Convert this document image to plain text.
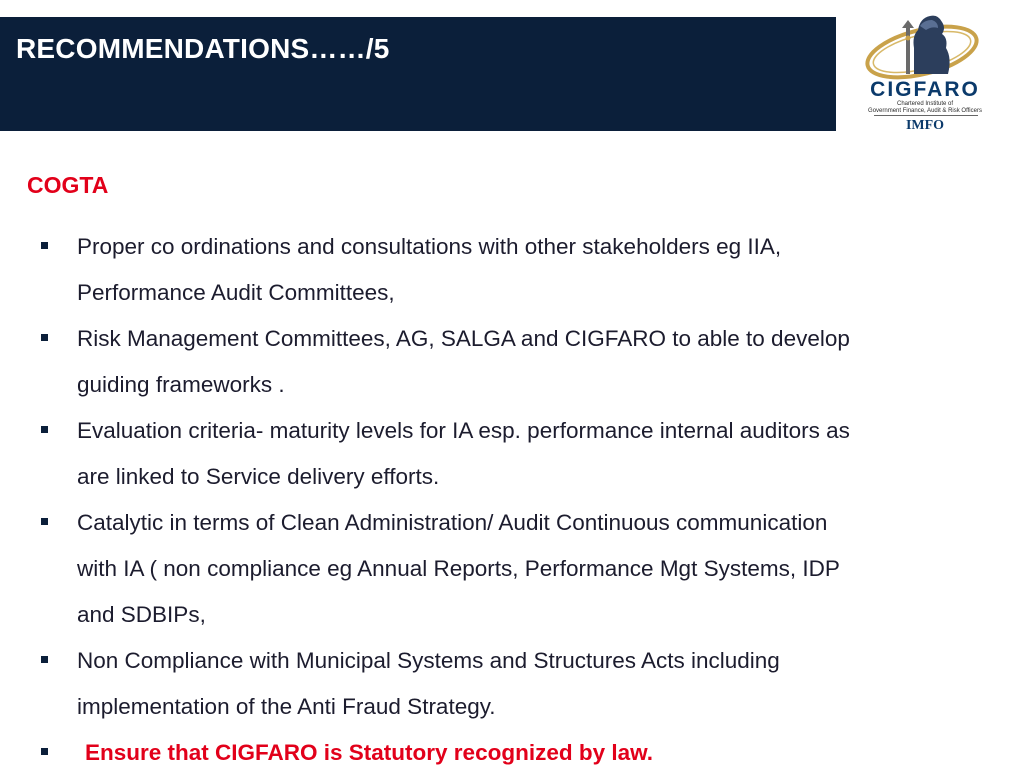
RECOMMENDATIONS……/5
CIGFARO
Chartered Institute of
Government Finance, Audit & Risk Officers
IMFO
COGTA
Proper co ordinations and consultations with other stakeholders eg IIA,
Performance Audit Committees,
Risk Management Committees, AG, SALGA and CIGFARO to able to develop
guiding frameworks .
Evaluation criteria- maturity levels for IA esp. performance internal auditors as
are linked to Service delivery efforts.
Catalytic in terms of Clean Administration/ Audit Continuous communication
with IA ( non compliance eg Annual Reports, Performance Mgt Systems, IDP
and SDBIPs,
Non Compliance with Municipal Systems and Structures Acts including
implementation of the Anti Fraud Strategy.
Ensure that CIGFARO is Statutory recognized by law.
